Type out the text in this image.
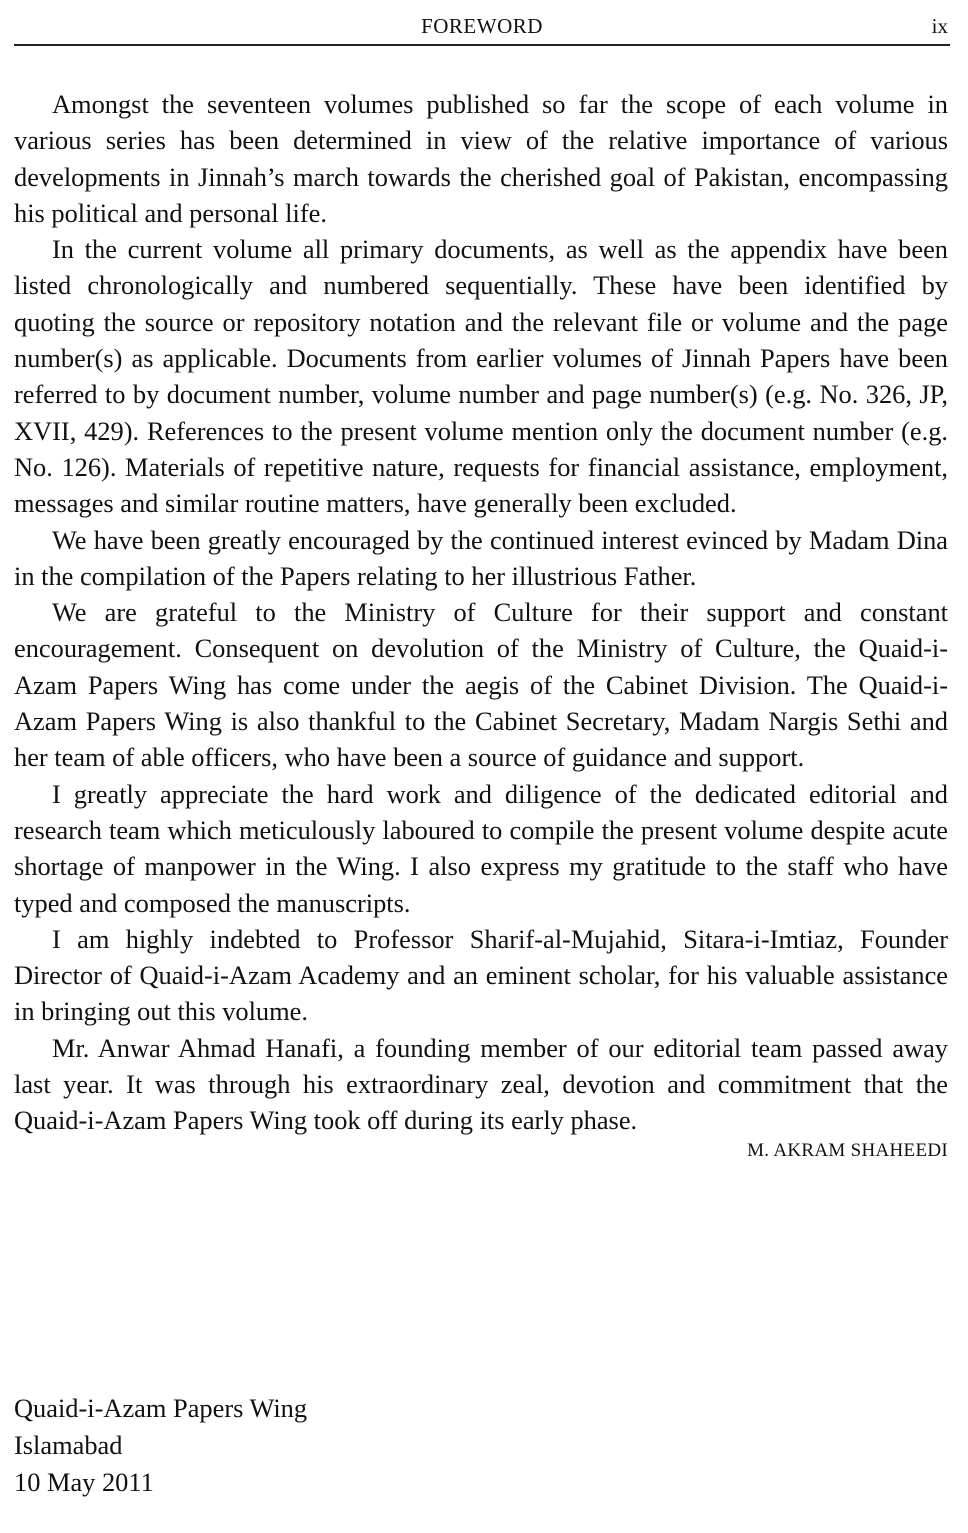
FOREWORD	ix

Amongst the seventeen volumes published so far the scope of each volume in various series has been determined in view of the relative importance of various developments in Jinnah’s march towards the cherished goal of Pakistan, encompassing his political and personal life.

In the current volume all primary documents, as well as the appendix have been listed chronologically and numbered sequentially. These have been identified by quoting the source or repository notation and the relevant file or volume and the page number(s) as applicable. Documents from earlier volumes of Jinnah Papers have been referred to by document number, volume number and page number(s) (e.g. No. 326, JP, XVII, 429). References to the present volume mention only the document number (e.g. No. 126). Materials of repetitive nature, requests for financial assistance, employment, messages and similar routine matters, have generally been excluded.

We have been greatly encouraged by the continued interest evinced by Madam Dina in the compilation of the Papers relating to her illustrious Father.

We are grateful to the Ministry of Culture for their support and constant encouragement. Consequent on devolution of the Ministry of Culture, the Quaid-i-Azam Papers Wing has come under the aegis of the Cabinet Division. The Quaid-i-Azam Papers Wing is also thankful to the Cabinet Secretary, Madam Nargis Sethi and her team of able officers, who have been a source of guidance and support.

I greatly appreciate the hard work and diligence of the dedicated editorial and research team which meticulously laboured to compile the present volume despite acute shortage of manpower in the Wing. I also express my gratitude to the staff who have typed and composed the manuscripts.

I am highly indebted to Professor Sharif-al-Mujahid, Sitara-i-Imtiaz, Founder Director of Quaid-i-Azam Academy and an eminent scholar, for his valuable assistance in bringing out this volume.

Mr. Anwar Ahmad Hanafi, a founding member of our editorial team passed away last year. It was through his extraordinary zeal, devotion and commitment that the Quaid-i-Azam Papers Wing took off during its early phase.

M. AKRAM SHAHEEDI

Quaid-i-Azam Papers Wing
Islamabad
10 May 2011
